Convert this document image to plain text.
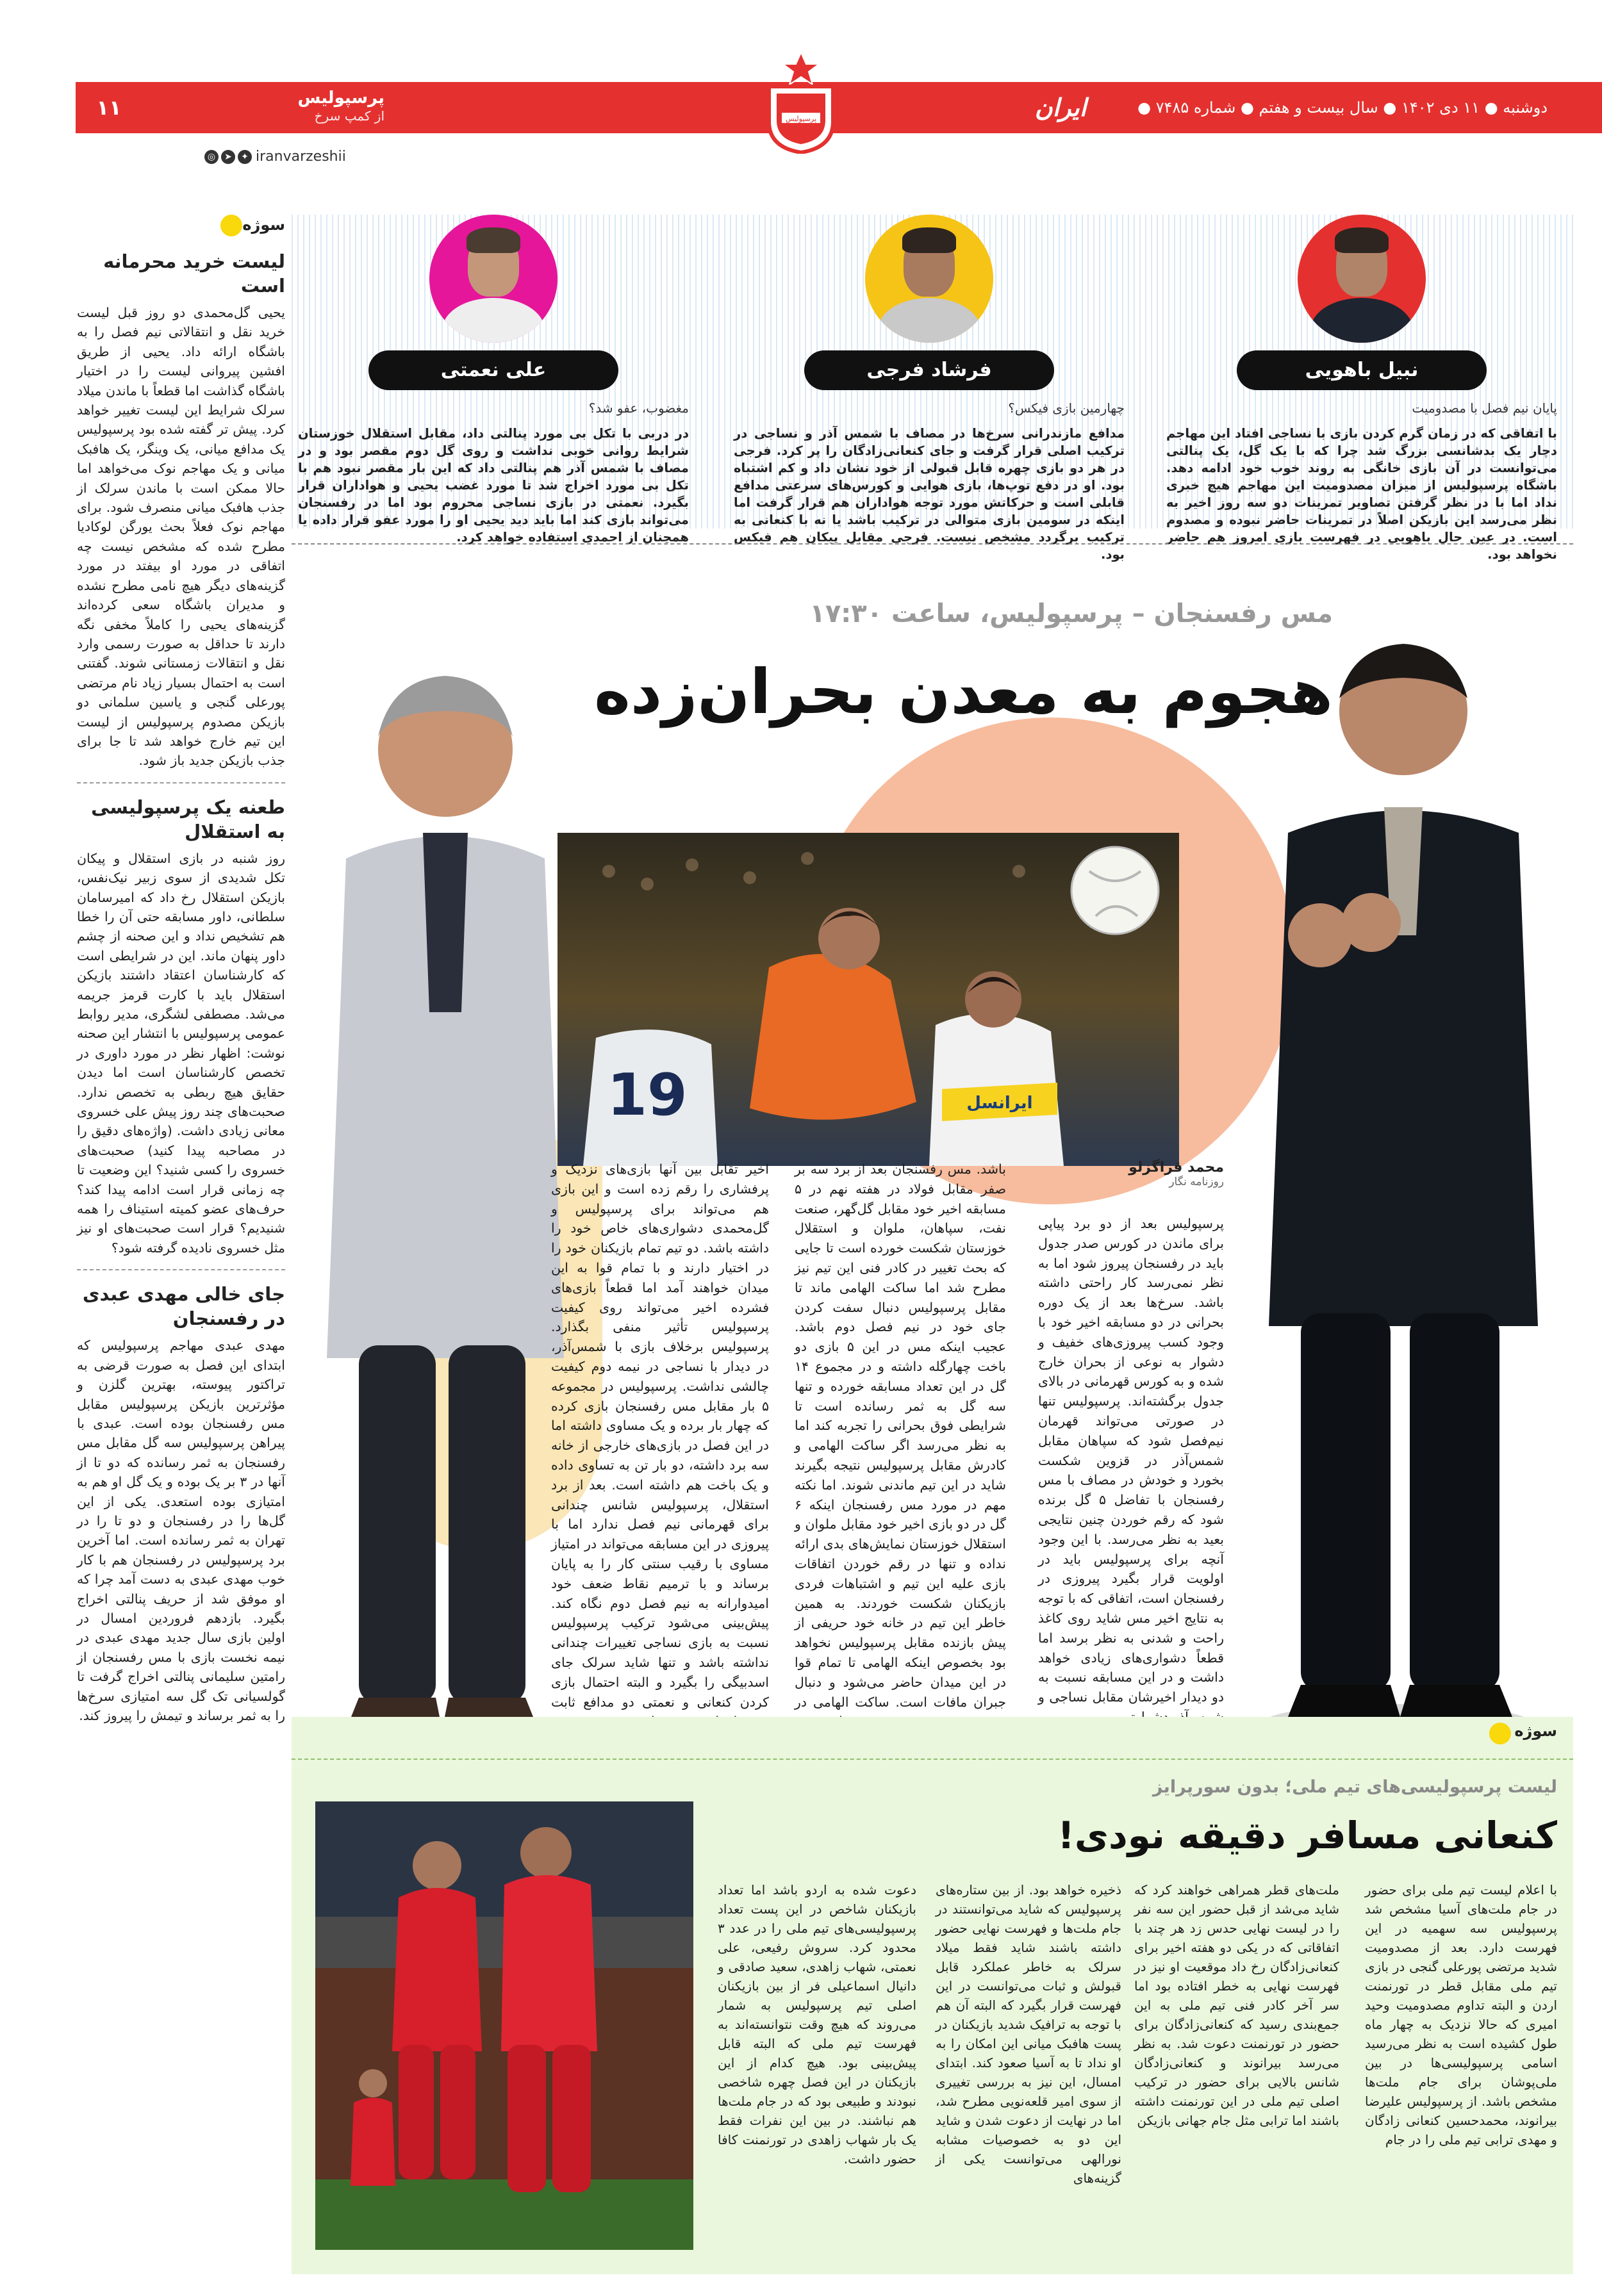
پرسپولیس	ایران ورزشی
دوشنبه ● ۱۱ دی ۱۴۰۲ ● سال بیست و هفتم ● شماره ۷۴۸۵ ●
۱۱	پرسپولیس
از کمپ سرخ
◎ ➤ ✦ iranvarzeshii
سوژه
لیست خرید محرمانه است
یحیی گل‌محمدی دو روز قبل لیست خرید نقل و انتقالاتی نیم فصل را به باشگاه ارائه داد. یحیی از طریق افشین پیروانی لیست را در اختیار باشگاه گذاشت اما قطعاً با ماندن میلاد سرلک شرایط این لیست تغییر خواهد کرد. پیش تر گفته شده بود پرسپولیس یک مدافع میانی، یک وینگر، یک هافبک میانی و یک مهاجم نوک می‌خواهد اما حالا ممکن است با ماندن سرلک از جذب هافبک میانی منصرف شود. برای مهاجم نوک فعلاً بحث یورگن لوکادیا مطرح شده که مشخص نیست چه اتفاقی در مورد او بیفتد در مورد گزینه‌های دیگر هیچ نامی مطرح نشده و مدیران باشگاه سعی کرده‌اند گزینه‌های یحیی را کاملاً مخفی نگه دارند تا حداقل به صورت رسمی وارد نقل و انتقالات زمستانی شوند. گفتنی است به احتمال بسیار زیاد نام مرتضی پورعلی گنجی و یاسین سلمانی دو بازیکن مصدوم پرسپولیس از لیست این تیم خارج خواهد شد تا جا برای جذب بازیکن جدید باز شود.
طعنه یک پرسپولیسی به استقلال
روز شنبه در بازی استقلال و پیکان تکل شدیدی از سوی زبیر نیک‌نفس، بازیکن استقلال رخ داد که امیرسامان سلطانی، داور مسابقه حتی آن را خطا هم تشخیص نداد و این صحنه از چشم داور پنهان ماند. این در شرایطی است که کارشناسان اعتقاد داشتند بازیکن استقلال باید با کارت قرمز جریمه می‌شد. مصطفی لشگری، مدیر روابط عمومی پرسپولیس با انتشار این صحنه نوشت: اظهار نظر در مورد داوری در تخصص کارشناسان است اما دیدن حقایق هیچ ربطی به تخصص ندارد. صحبت‌های چند روز پیش علی خسروی معانی زیادی داشت. (واژه‌های دقیق را در مصاحبه پیدا کنید) صحبت‌های خسروی را کسی شنید؟ این وضعیت تا چه زمانی قرار است ادامه پیدا کند؟ حرف‌های عضو کمیته استیناف را همه شنیدیم؟ قرار است صحبت‌های او نیز مثل خسروی نادیده گرفته شود؟
جای خالی مهدی عبدی در رفسنجان
مهدی عبدی مهاجم پرسپولیس که ابتدای این فصل به صورت قرضی به تراکتور پیوسته، بهترین گلزن و مؤثرترین بازیکن پرسپولیس مقابل مس رفسنجان بوده است. عبدی با پیراهن پرسپولیس سه گل مقابل مس رفسنجان به ثمر رسانده که دو تا از آنها در ۳ بر یک بوده و یک گل او هم به امتیازی بوده استعدی. یکی از این گل‌ها را در رفسنجان و دو تا را در تهران به ثمر رسانده است. اما آخرین برد پرسپولیس در رفسنجان هم با کار خوب مهدی عبدی به دست آمد چرا که او موفق شد از حریف پنالتی اخراج بگیرد. بازدهم فروردین امسال در اولین بازی سال جدید مهدی عبدی در نیمه نخست بازی با مس رفسنجان از رامتین سلیمانی پنالتی اخراج گرفت تا گولسیانی تک گل سه امتیازی سرخ‌ها را به ثمر برساند و تیمش را پیروز کند.
نبیل باهویی
پایان نیم فصل با مصدومیت
با اتفاقی که در زمان گرم کردن بازی با نساجی افتاد این مهاجم دچار یک بدشانسی بزرگ شد چرا که با یک گل، یک پنالتی می‌توانست در آن بازی خانگی به روند خوب خود ادامه دهد. باشگاه پرسپولیس از میزان مصدومیت این مهاجم هیچ خبری نداد اما با در نظر گرفتن تصاویر تمرینات دو سه روز اخیر به نظر می‌رسد این بازیکن اصلاً در تمرینات حاضر نبوده و مصدوم است. در عین حال باهویی در فهرست بازی امروز هم حاضر نخواهد بود.
فرشاد فرجی
چهارمین بازی فیکس؟
مدافع مازندرانی سرخ‌ها در مصاف با شمس آذر و نساجی در ترکیب اصلی قرار گرفت و جای کنعانی‌زادگان را پر کرد. فرجی در هر دو بازی چهره قابل قبولی از خود نشان داد و کم اشتباه بود. او در دفع توپ‌ها، بازی هوایی و کورس‌های سرعتی مدافع قابلی است و حرکاتش مورد توجه هواداران هم قرار گرفت اما اینکه در سومین بازی متوالی در ترکیب باشد یا نه با کنعانی به ترکیب برگردد مشخص نیست. فرجی مقابل پیکان هم فیکس بود.
علی نعمتی
مغضوب، عفو شد؟
در دربی با تکل بی مورد پنالتی داد، مقابل استقلال خوزستان شرایط روانی خوبی نداشت و روی گل دوم مقصر بود و در مصاف با شمس آذر هم پنالتی داد که این بار مقصر نبود هم با تکل بی مورد اخراج شد تا مورد غضب یحیی و هواداران قرار بگیرد. نعمتی در بازی نساجی محروم بود اما در رفسنجان می‌تواند بازی کند اما باید دید یحیی او را مورد عفو قرار داده یا همچنان از احمدی استفاده خواهد کرد.
مس رفسنجان – پرسپولیس، ساعت ۱۷:۳۰
هجوم به معدن بحران‌زده
ایرانسل
19
محمد قراگزلو
روزنامه نگار
پرسپولیس بعد از دو برد پیاپی برای ماندن در کورس صدر جدول باید در رفسنجان پیروز شود اما به نظر نمی‌رسد کار راحتی داشته باشد. سرخ‌ها بعد از یک دوره بحرانی در دو مسابقه اخیر خود با وجود کسب پیروزی‌های خفیف و دشوار به نوعی از بحران خارج شده و به کورس قهرمانی در بالای جدول برگشته‌اند. پرسپولیس تنها در صورتی می‌تواند قهرمان نیم‌فصل شود که سپاهان مقابل شمس‌آذر در قزوین شکست بخورد و خودش در مصاف با مس رفسنجان با تفاضل ۵ گل برنده شود که رقم خوردن چنین نتایجی بعید به نظر می‌رسد. با این وجود آنچه برای پرسپولیس باید در اولویت قرار بگیرد پیروزی در رفسنجان است، اتفاقی که با توجه به نتایج اخیر مس شاید روی کاغذ راحت و شدنی به نظر برسد اما قطعاً دشواری‌های زیادی خواهد داشت و در این مسابقه نسبت به دو دیدار اخیرشان مقابل نساجی و
باشد. مس رفسنجان بعد از برد سه بر صفر مقابل فولاد در هفته نهم در ۵ مسابقه اخیر خود مقابل گل‌گهر، صنعت نفت، سپاهان، ملوان و استقلال خوزستان شکست خورده است تا جایی که بحث تغییر در کادر فنی این تیم نیز مطرح شد اما ساکت الهامی ماند تا مقابل پرسپولیس دنبال سفت کردن جای خود در نیم فصل دوم باشد. عجیب اینکه مس در این ۵ بازی دو باخت چهارگله داشته و در مجموع ۱۴ گل در این تعداد مسابقه خورده و تنها سه گل به ثمر رسانده است تا شرایطی فوق بحرانی را تجربه کند اما به نظر می‌رسد اگر ساکت الهامی و کادرش مقابل پرسپولیس نتیجه بگیرند شاید در این تیم ماندنی شوند. اما نکته مهم در مورد مس رفسنجان اینکه ۶ گل در دو بازی اخیر خود مقابل ملوان و استقلال خوزستان نمایش‌های بدی ارائه نداده و تنها در رقم خوردن اتفاقات بازی علیه این تیم و اشتباهات فردی بازیکنان شکست خوردند. به همین خاطر این تیم در خانه خود حریفی از پیش بازنده مقابل پرسپولیس نخواهد بود بخصوص اینکه الهامی تا تمام قوا در این میدان حاضر می‌شود و دنبال جبران مافات است. ساکت الهامی در
اخیر تقابل بین آنها بازی‌های نزدیک و پرفشاری را رقم زده است و این بازی هم می‌تواند برای پرسپولیس و گل‌محمدی دشواری‌های خاص خود را داشته باشد. دو تیم تمام بازیکنان خود را در اختیار دارند و با تمام قوا به این میدان خواهند آمد اما قطعاً بازی‌های فشرده اخیر می‌تواند روی کیفیت پرسپولیس تأثیر منفی بگذارد. پرسپولیس برخلاف بازی با شمس‌آذر، در دیدار با نساجی در نیمه دوم کیفیت چالشی نداشت. پرسپولیس در مجموعه ۵ بار مقابل مس رفسنجان بازی کرده که چهار بار برده و یک مساوی داشته اما در این فصل در بازی‌های خارجی از خانه سه برد داشته، دو بار تن به تساوی داده و یک باخت هم داشته است. بعد از برد استقلال، پرسپولیس شانس چندانی برای قهرمانی نیم فصل ندارد اما با پیروزی در این مسابقه می‌تواند در امتیاز مساوی با رقیب سنتی کار را به پایان برساند و با ترمیم نقاط ضعف خود امیدوارانه به نیم فصل دوم نگاه کند. پیش‌بینی می‌شود ترکیب پرسپولیس نسبت به بازی نساجی تغییرات چندانی نداشته باشد و تنها شاید سرلک جای اسدبیگی را بگیرد و البته احتمال بازی کردن کنعانی و نعمتی دو مدافع ثابت
سوژه
لیست پرسپولیسی‌های تیم ملی؛ بدون سورپرایز
کنعانی مسافر دقیقه نودی!
با اعلام لیست تیم ملی برای حضور در جام ملت‌های آسیا مشخص شد پرسپولیس سه سهمیه در این فهرست دارد. بعد از مصدومیت شدید مرتضی پورعلی گنجی در بازی تیم ملی مقابل قطر در تورنمنت اردن و البته تداوم مصدومیت وحید امیری که حالا نزدیک به چهار ماه طول کشیده است به نظر می‌رسید اسامی پرسپولیسی‌ها در بین ملی‌پوشان برای جام ملت‌ها مشخص باشد. از پرسپولیس علیرضا بیرانوند، محمدحسین کنعانی زادگان و مهدی ترابی تیم ملی را در جام
ملت‌های قطر همراهی خواهند کرد که شاید می‌شد از قبل حضور این سه نفر را در لیست نهایی حدس زد هر چند با اتفاقاتی که در یکی دو هفته اخیر برای کنعانی‌زادگان رخ داد موقعیت او نیز در فهرست نهایی به خطر افتاده بود اما سر آخر کادر فنی تیم ملی به این جمع‌بندی رسید که کنعانی‌زادگان برای حضور در تورنمنت دعوت شد. به نظر می‌رسد بیرانوند و کنعانی‌زادگان شانس بالایی برای حضور در ترکیب اصلی تیم ملی در این تورنمنت داشته باشند اما ترابی مثل جام جهانی بازیکن
ذخیره خواهد بود. از بین ستاره‌های پرسپولیس که شاید می‌توانستند در جام ملت‌ها و فهرست نهایی حضور داشته باشند شاید فقط میلاد سرلک به خاطر عملکرد قابل قبولش و ثبات می‌توانست در این فهرست قرار بگیرد که البته آن هم با توجه به ترافیک شدید بازیکنان در پست هافبک میانی این امکان را به او نداد تا به آسیا صعود کند. ابتدای امسال، این نیز به بررسی تغییری از سوی امیر قلعه‌نویی مطرح شد، اما در نهایت از دعوت شدن و شاید این دو به خصوصیات مشابه نورالهی می‌توانست یکی از گزینه‌های
دعوت شده به اردو باشد اما تعداد بازیکنان شاخص در این پست تعداد پرسپولیسی‌های تیم ملی را در عدد ۳ محدود کرد. سروش رفیعی، علی نعمتی، شهاب زاهدی، سعید صادقی و دانیال اسماعیلی فر از بین بازیکنان اصلی تیم پرسپولیس به شمار می‌روند که هیچ وقت نتوانسته‌اند به فهرست تیم ملی که البته قابل پیش‌بینی بود. هیچ کدام از این بازیکنان در این فصل چهره شاخصی نبودند و طبیعی بود که در جام ملت‌ها هم نباشند. در بین این نفرات فقط یک بار شهاب زاهدی در تورنمنت کافا حضور داشت.
